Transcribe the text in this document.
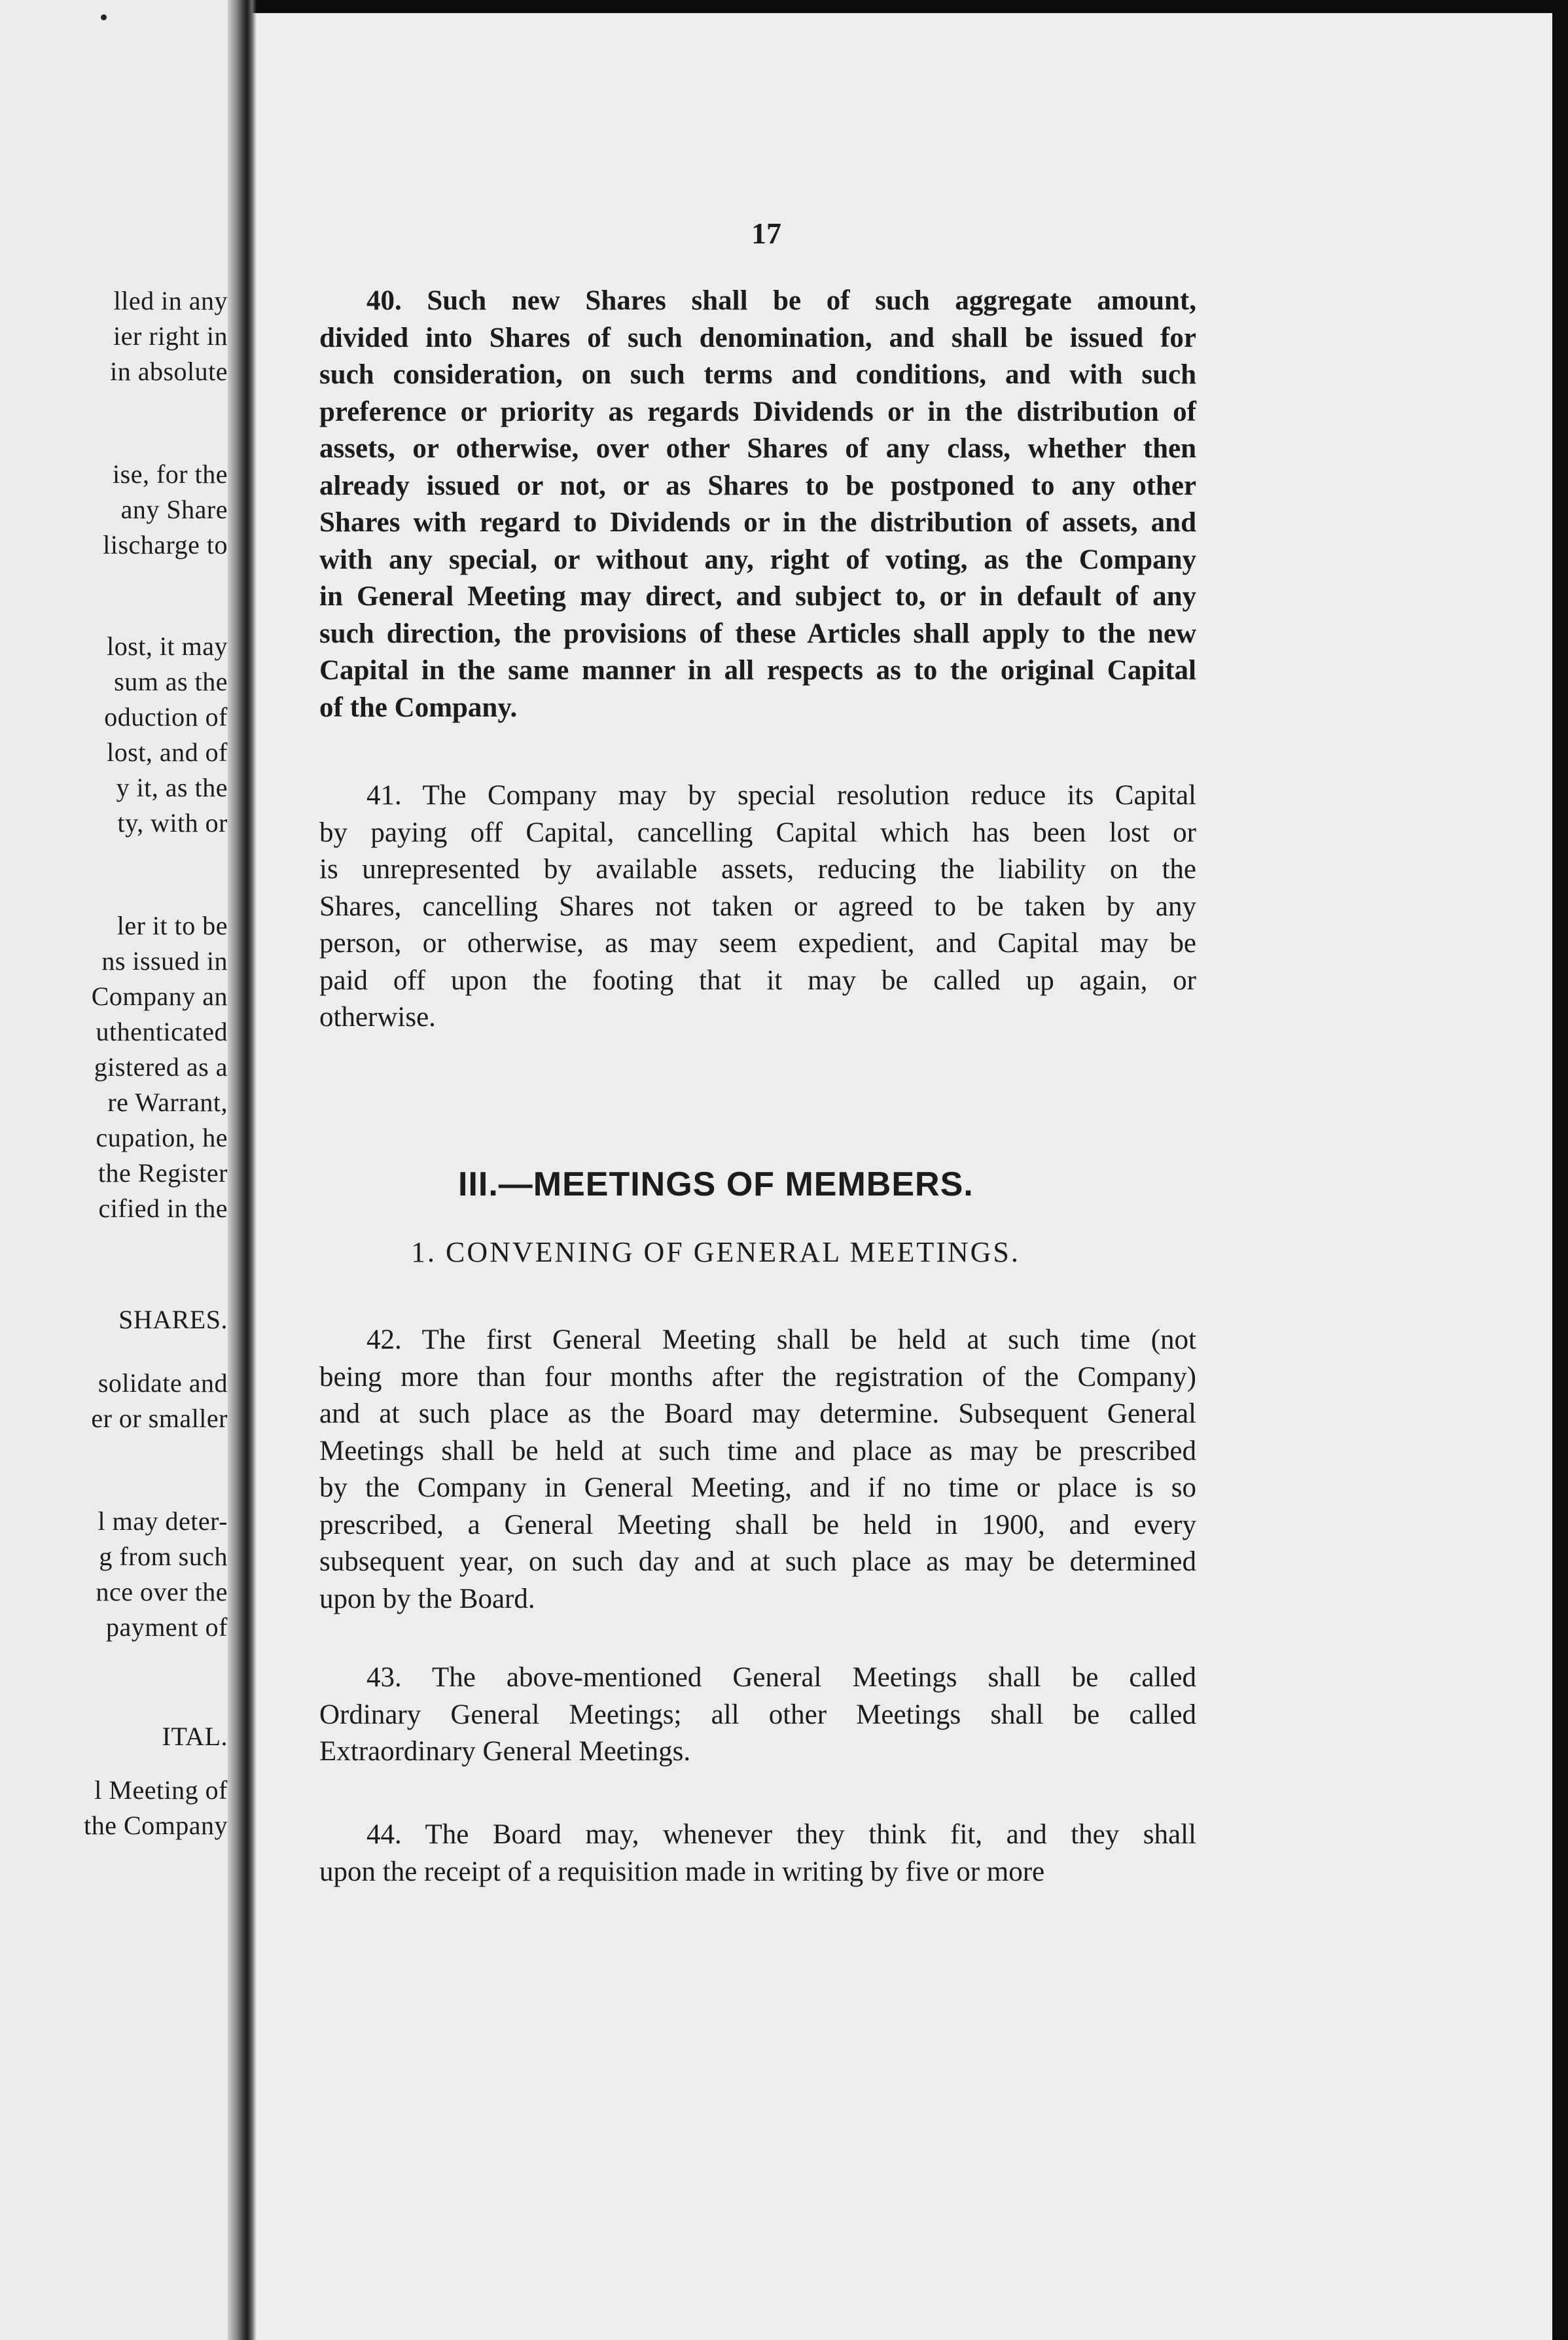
lled in any
ier right in
in absolute
ise, for the
any Share
lischarge to
lost, it may
sum as the
oduction of
lost, and of
y it, as the
ty, with or
ler it to be
ns issued in
Company an
uthenticated
gistered as a
re Warrant,
cupation, he
the Register
cified in the
SHARES.
solidate and
er or smaller
l may deter-
g from such
nce over the
payment of
ITAL.
l Meeting of
the Company
17
40. Such new Shares shall be of such aggregate amount,
divided into Shares of such denomination, and shall be issued for
such consideration, on such terms and conditions, and with such
preference or priority as regards Dividends or in the distribution of
assets, or otherwise, over other Shares of any class, whether then
already issued or not, or as Shares to be postponed to any other
Shares with regard to Dividends or in the distribution of assets, and
with any special, or without any, right of voting, as the Company
in General Meeting may direct, and subject to, or in default of any
such direction, the provisions of these Articles shall apply to the new
Capital in the same manner in all respects as to the original Capital
of the Company.
41. The Company may by special resolution reduce its Capital
by paying off Capital, cancelling Capital which has been lost or
is unrepresented by available assets, reducing the liability on the
Shares, cancelling Shares not taken or agreed to be taken by any
person, or otherwise, as may seem expedient, and Capital may be
paid off upon the footing that it may be called up again, or
otherwise.
III.—MEETINGS OF MEMBERS.
1. CONVENING OF GENERAL MEETINGS.
42. The first General Meeting shall be held at such time (not
being more than four months after the registration of the Company)
and at such place as the Board may determine. Subsequent General
Meetings shall be held at such time and place as may be prescribed
by the Company in General Meeting, and if no time or place is so
prescribed, a General Meeting shall be held in 1900, and every
subsequent year, on such day and at such place as may be determined
upon by the Board.
43. The above-mentioned General Meetings shall be called
Ordinary General Meetings; all other Meetings shall be called
Extraordinary General Meetings.
44. The Board may, whenever they think fit, and they shall
upon the receipt of a requisition made in writing by five or more
